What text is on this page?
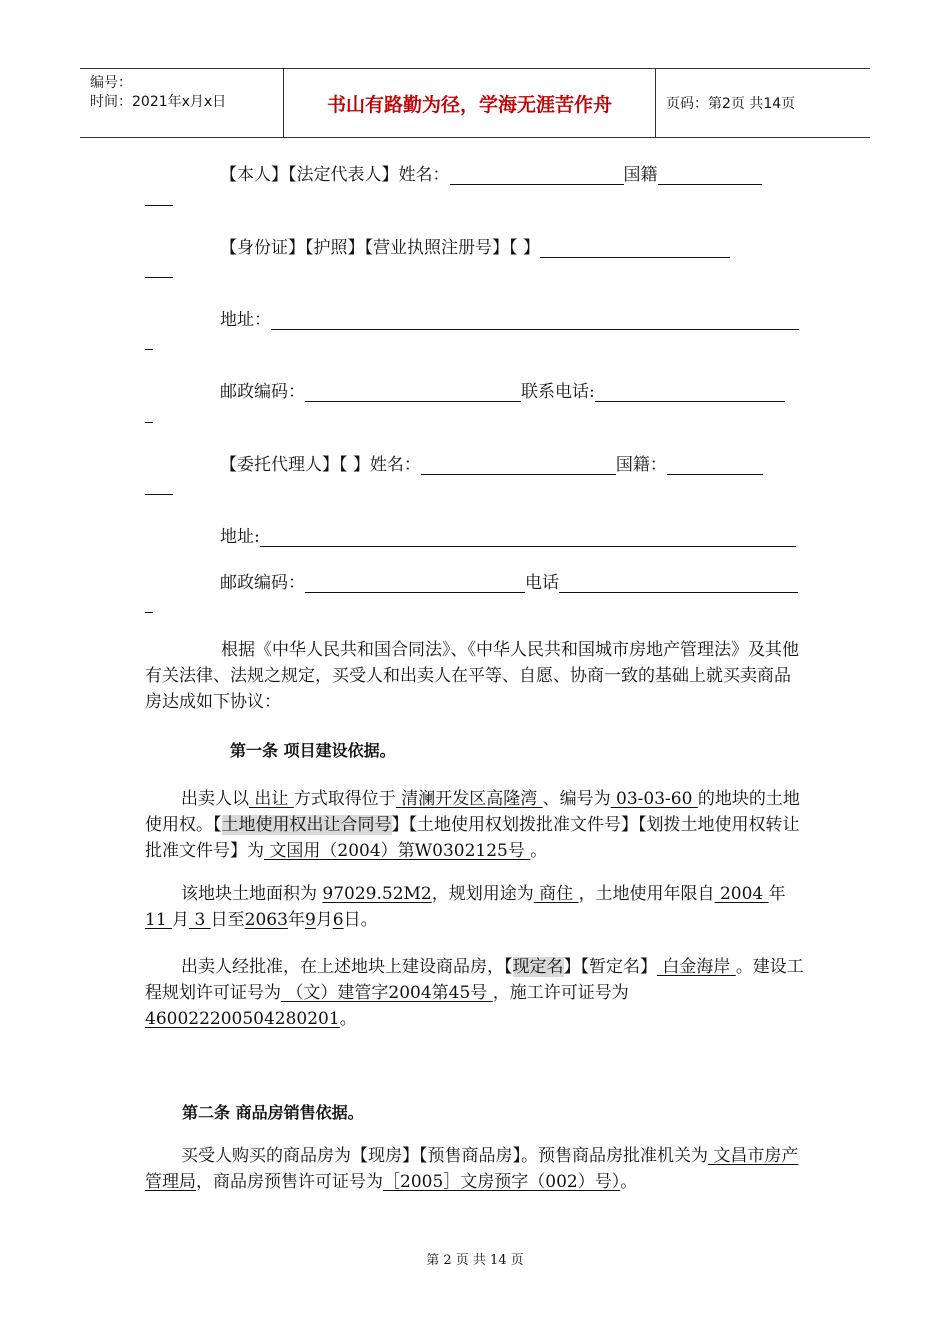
编号：
时间：2021年x月x日	书山有路勤为径，学海无涯苦作舟	页码：第2页 共14页
【本人】【法定代表人】姓名：	国籍
【身份证】【护照】【营业执照注册号】【 】
地址：
邮政编码：	联系电话:
【委托代理人】【 】姓名：	国籍：
地址:
邮政编码：	电话
根据《中华人民共和国合同法》、《中华人民共和国城市房地产管理法》及其他有关法律、法规之规定，买受人和出卖人在平等、自愿、协商一致的基础上就买卖商品房达成如下协议：
第一条 项目建设依据。
出卖人以 出让 方式取得位于 清澜开发区高隆湾 、编号为 03-03-60 的地块的土地使用权。【土地使用权出让合同号】【土地使用权划拨批准文件号】【划拨土地使用权转让批准文件号】为 文国用（2004）第W0302125号 。
该地块土地面积为 97029.52M2，规划用途为 商住 ，土地使用年限自 2004 年 11 月 3 日至2063年9月6日。
出卖人经批准，在上述地块上建设商品房，【现定名】【暂定名】 白金海岸 。建设工程规划许可证号为 （文）建管字2004第45号 ，施工许可证号为460022200504280201。
第二条 商品房销售依据。
买受人购买的商品房为【现房】【预售商品房】。预售商品房批准机关为 文昌市房产管理局，商品房预售许可证号为［2005］文房预字（002）号）。
第 2 页 共 14 页
